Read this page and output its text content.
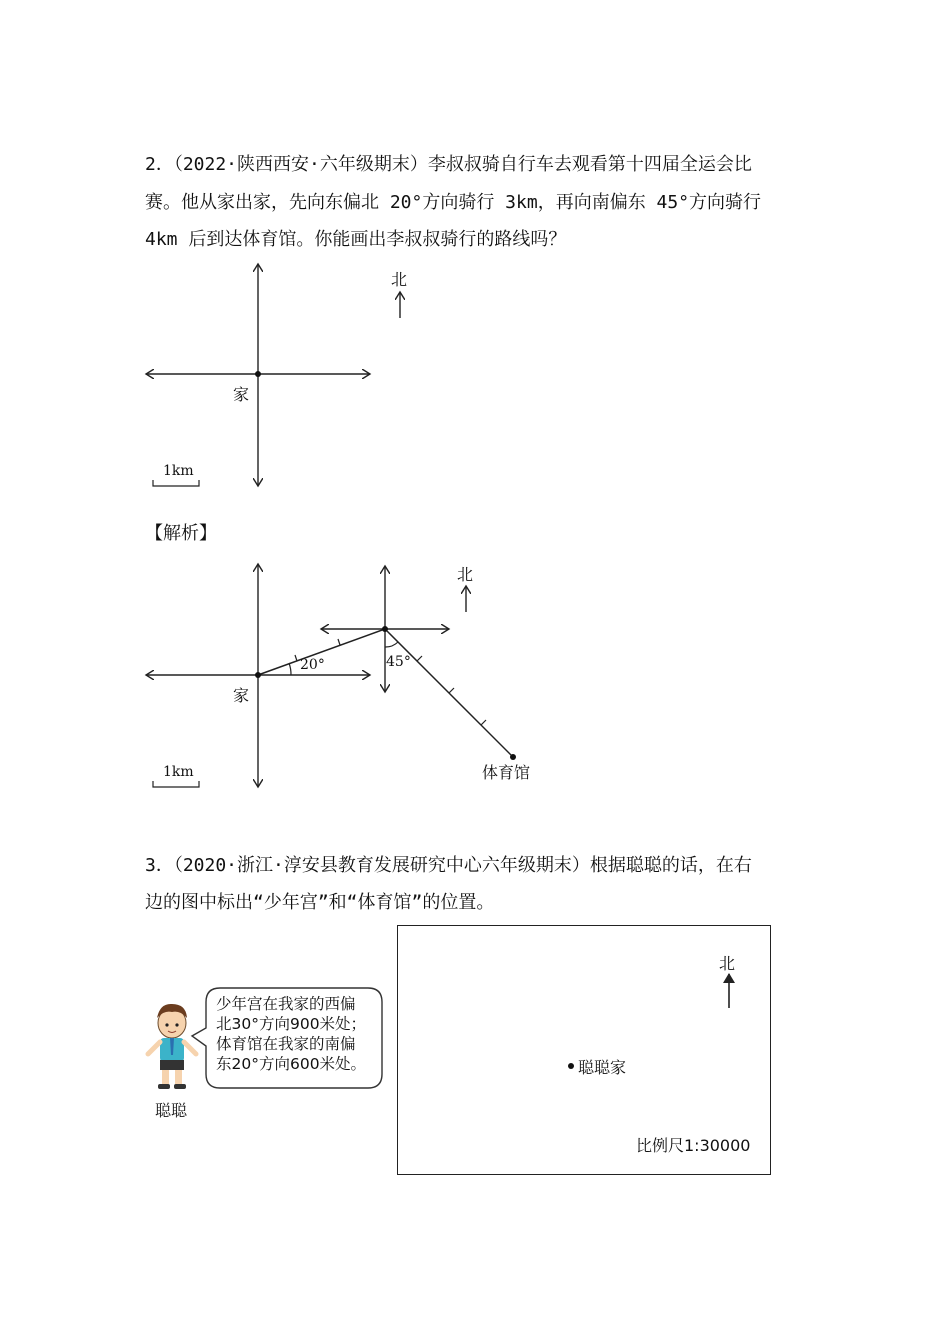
2．（2022·陕西西安·六年级期末）李叔叔骑自行车去观看第十四届全运会比
赛。他从家出家，先向东偏北 20°方向骑行 3km，再向南偏东 45°方向骑行
4km 后到达体育馆。你能画出李叔叔骑行的路线吗？
北
家
1km
【解析】
北
家
20°	45°
体育馆
1km
3．（2020·浙江·淳安县教育发展研究中心六年级期末）根据聪聪的话，在右
边的图中标出“少年宫”和“体育馆”的位置。
少年宫在我家的西偏
北30°方向900米处；
体育馆在我家的南偏
东20°方向600米处。
聪聪
北
聪聪家
比例尺1:30000
